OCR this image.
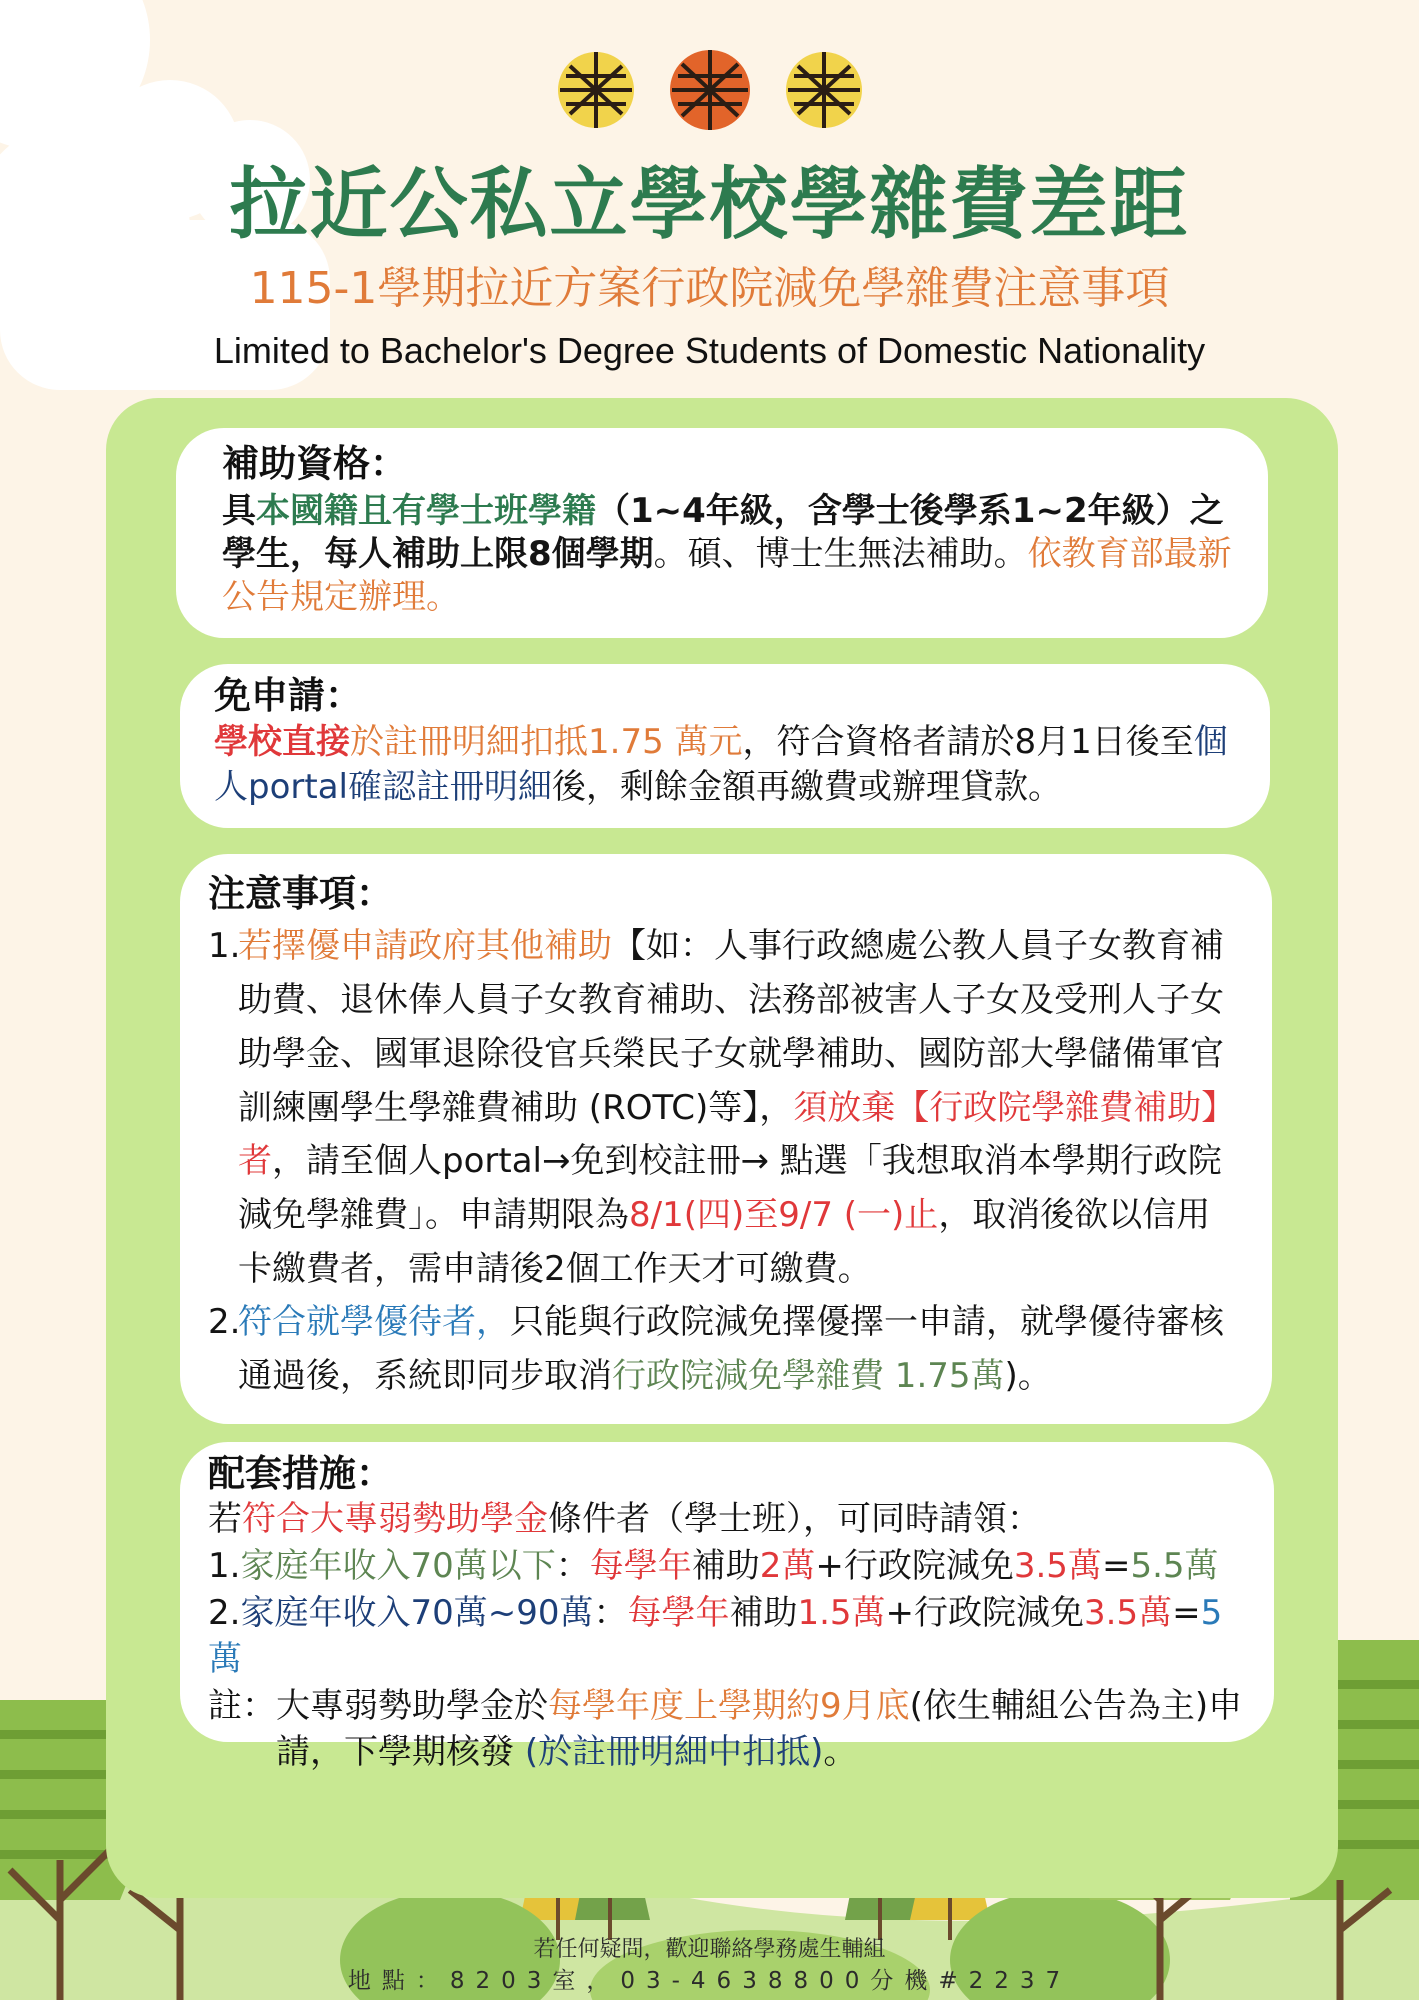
拉近公私立學校學雜費差距
115-1學期拉近方案行政院減免學雜費注意事項
Limited to Bachelor's Degree Students of Domestic Nationality
補助資格：
具本國籍且有學士班學籍（1~4年級，含學士後學系1~2年級）之學生，每人補助上限8個學期。碩、博士生無法補助。依教育部最新公告規定辦理。
免申請：
學校直接於註冊明細扣抵1.75 萬元，符合資格者請於8月1日後至個人portal確認註冊明細後，剩餘金額再繳費或辦理貸款。
注意事項：
1.
若擇優申請政府其他補助【如：人事行政總處公教人員子女教育補助費、退休俸人員子女教育補助、法務部被害人子女及受刑人子女助學金、國軍退除役官兵榮民子女就學補助、國防部大學儲備軍官訓練團學生學雜費補助 (ROTC)等】，須放棄【行政院學雜費補助】者，請至個人portal→免到校註冊→ 點選「我想取消本學期行政院減免學雜費」。申請期限為8/1(四)至9/7 (一)止，取消後欲以信用卡繳費者，需申請後2個工作天才可繳費。
2.
符合就學優待者，只能與行政院減免擇優擇一申請，就學優待審核通過後，系統即同步取消行政院減免學雜費 1.75萬)。
配套措施：
若符合大專弱勢助學金條件者（學士班），可同時請領：
1.家庭年收入70萬以下：每學年補助2萬+行政院減免3.5萬=5.5萬
2.家庭年收入70萬~90萬：每學年補助1.5萬+行政院減免3.5萬=5萬
註：大專弱勢助學金於每學年度上學期約9月底(依生輔組公告為主)申請，下學期核發 (於註冊明細中扣抵)。
若任何疑問，歡迎聯絡學務處生輔組
地點：8203室，03-4638800分機#2237
